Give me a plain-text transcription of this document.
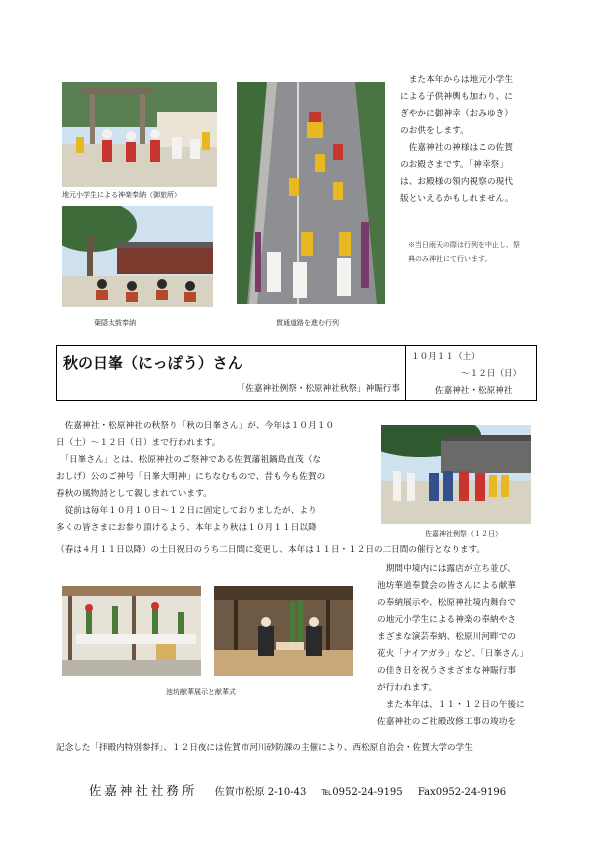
地元小学生による神楽奉納（御旅所）
葉隠太鼓奉納	貫通道路を進む行列

　また本年からは地元小学生
による子供神輿も加わり、に
ぎやかに御神幸（おみゆき）
のお供をします。
　佐嘉神社の神様はこの佐賀
のお殿さまです。「神幸祭」
は、お殿様の領内視察の現代
版といえるかもしれません。

※当日雨天の際は行列を中止し、祭
典のみ神社にて行います。

秋の日峯（にっぽう）さん
「佐嘉神社例祭・松原神社秋祭」神賑行事
１０月１１（土）
～１２日（日）
佐嘉神社・松原神社

　佐嘉神社・松原神社の秋祭り「秋の日峯さん」が、今年は１０月１０
日（土）～１２日（日）まで行われます。
　「日峯さん」とは、松原神社のご祭神である佐賀藩祖鍋島直茂（な
おしげ）公のご神号「日峯大明神」にちなむもので、昔も今も佐賀の
春秋の風物詩として親しまれています。
　従前は毎年１０月１０日～１２日に固定しておりましたが、より
多くの皆さまにお参り頂けるよう、本年より秋は１０月１１日以降

佐嘉神社例祭（１２日）

（春は４月１１日以降）の土日祝日のうち二日間に変更し、本年は１１日・１２日の二日間の催行となります。

池坊献華展示と献華式

　期間中境内には露店が立ち並び、
池坊華道奉賛会の皆さんによる献華
の奉納展示や、松原神社境内舞台で
の地元小学生による神楽の奉納やさ
まざまな演芸奉納、松原川河畔での
花火「ナイアガラ」など、「日峯さん」
の佳き日を祝うさまざまな神賑行事
が行われます。
　また本年は、１１・１２日の午後に
佐嘉神社のご社殿改修工事の竣功を

記念した「拝殿内特別参拝」、１２日夜には佐賀市河川砂防課の主催により、西松原自治会・佐賀大学の学生

佐嘉神社社務所 佐賀市松原 2-10-43 ℡0952-24-9195 Fax0952-24-9196
